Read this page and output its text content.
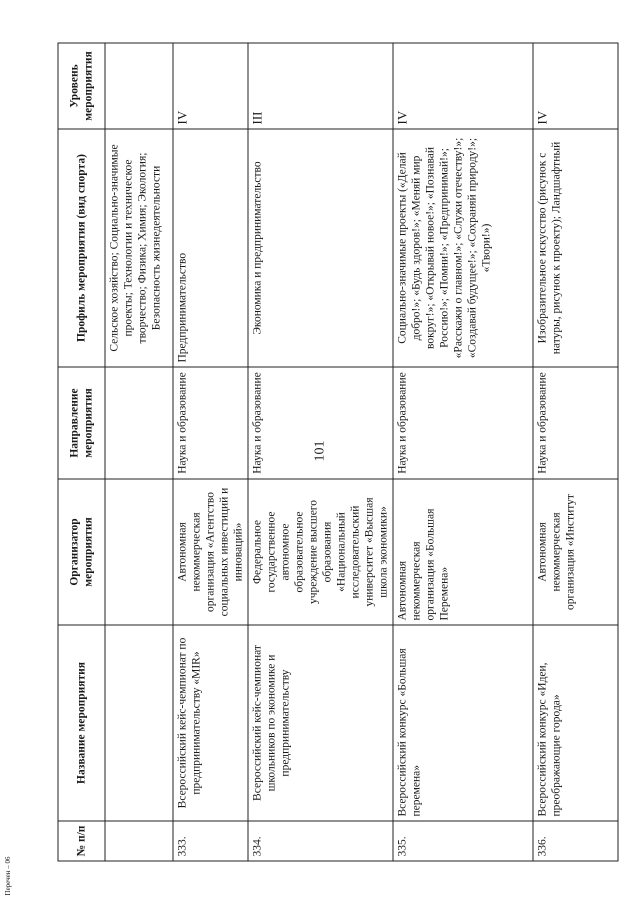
101
№ п/п	Название мероприятия	Организатор мероприятия	Направление мероприятия	Профиль мероприятия (вид спорта)	Уровень мероприятия
				Сельское хозяйство; Социально-значимые проекты; Технологии и техническое творчество; Физика; Химия; Экология; Безопасность жизнедеятельности	
333.	Всероссийский кейс-чемпионат по предпринимательству «MIR»	Автономная некоммерческая организация «Агентство социальных инвестиций и инноваций»	Наука и образование	Предпринимательство	IV
334.	Всероссийский кейс-чемпионат школьников по экономике и предпринимательству	Федеральное государственное автономное образовательное учреждение высшего образования «Национальный исследовательский университет «Высшая школа экономики»	Наука и образование	Экономика и предпринимательство	III
335.	Всероссийский конкурс «Большая перемена»	Автономная некоммерческая организация «Большая Перемена»	Наука и образование	Социально-значимые проекты («Делай добро!»; «Будь здоров!»; «Меняй мир вокруг!»; «Открывай новое!»; «Познавай Россию!»; «Помни!»; «Предпринимай!»; «Расскажи о главном!»; «Служи отечеству!»; «Создавай будущее!»; «Сохраняй природу!»; «Твори!»)	IV
336.	Всероссийский конкурс «Идеи, преображающие города»	Автономная некоммерческая организация «Институт	Наука и образование	Изобразительное искусство (рисунок с натуры, рисунок к проекту); Ландшафтный	IV
Перечен – 06
